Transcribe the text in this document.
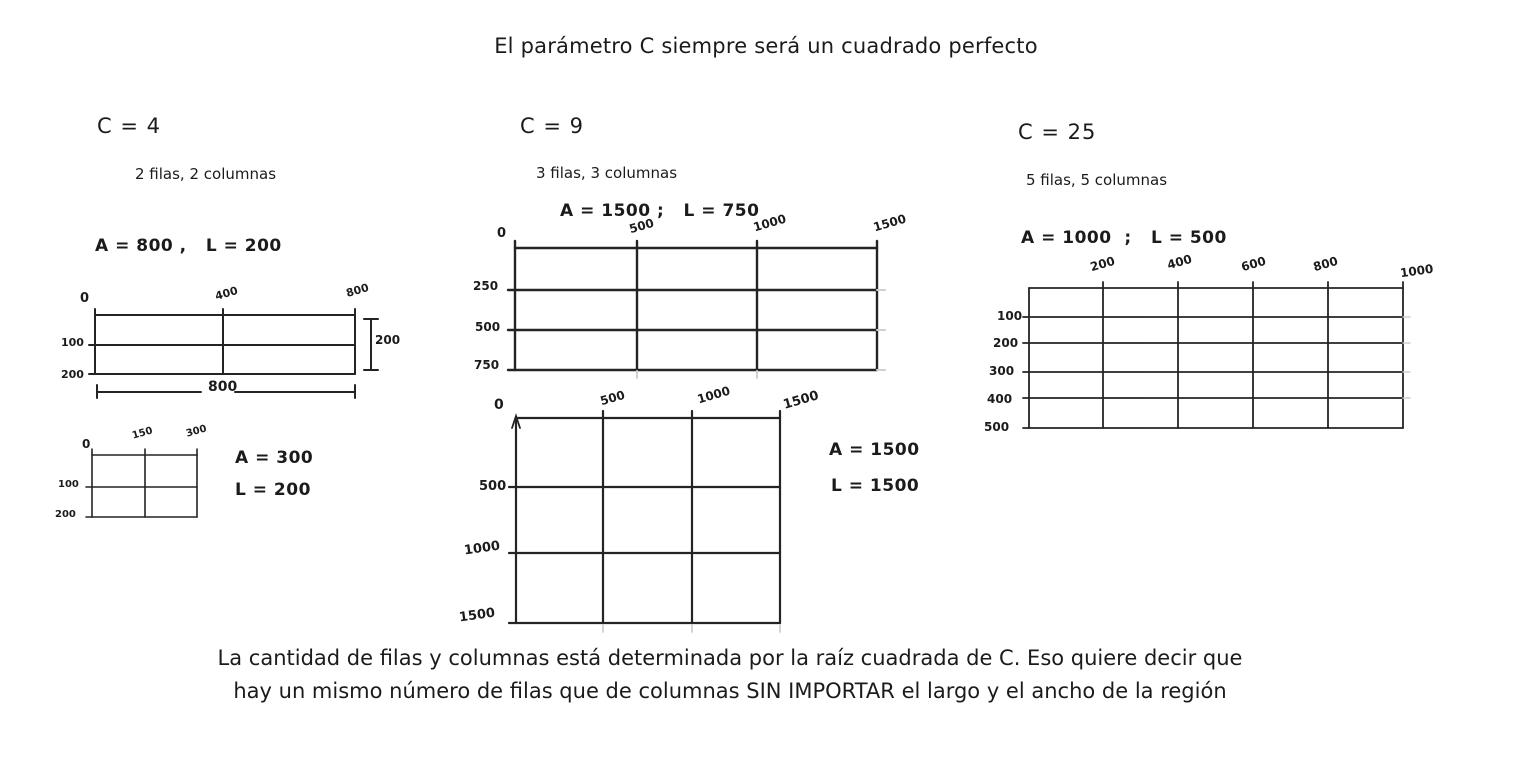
El parámetro C siempre será un cuadrado perfecto
C = 4
2 filas, 2 columnas
A = 800 ,   L = 200
0	400	800
100
200
200
800
0
150	300
100
200
A = 300
L = 200
C = 9
3 filas, 3 columnas
A = 1500 ;   L = 750
0	500	1000	1500
250
500
750
0	500	1000	1500
500
1000
1500
A = 1500
L = 1500
C = 25
5 filas, 5 columnas
A = 1000  ;   L = 500
200	400	600	800	1000
100
200
300
400
500
La cantidad de filas y columnas está determinada por la raíz cuadrada de C. Eso quiere decir que
hay un mismo número de filas que de columnas SIN IMPORTAR el largo y el ancho de la región
